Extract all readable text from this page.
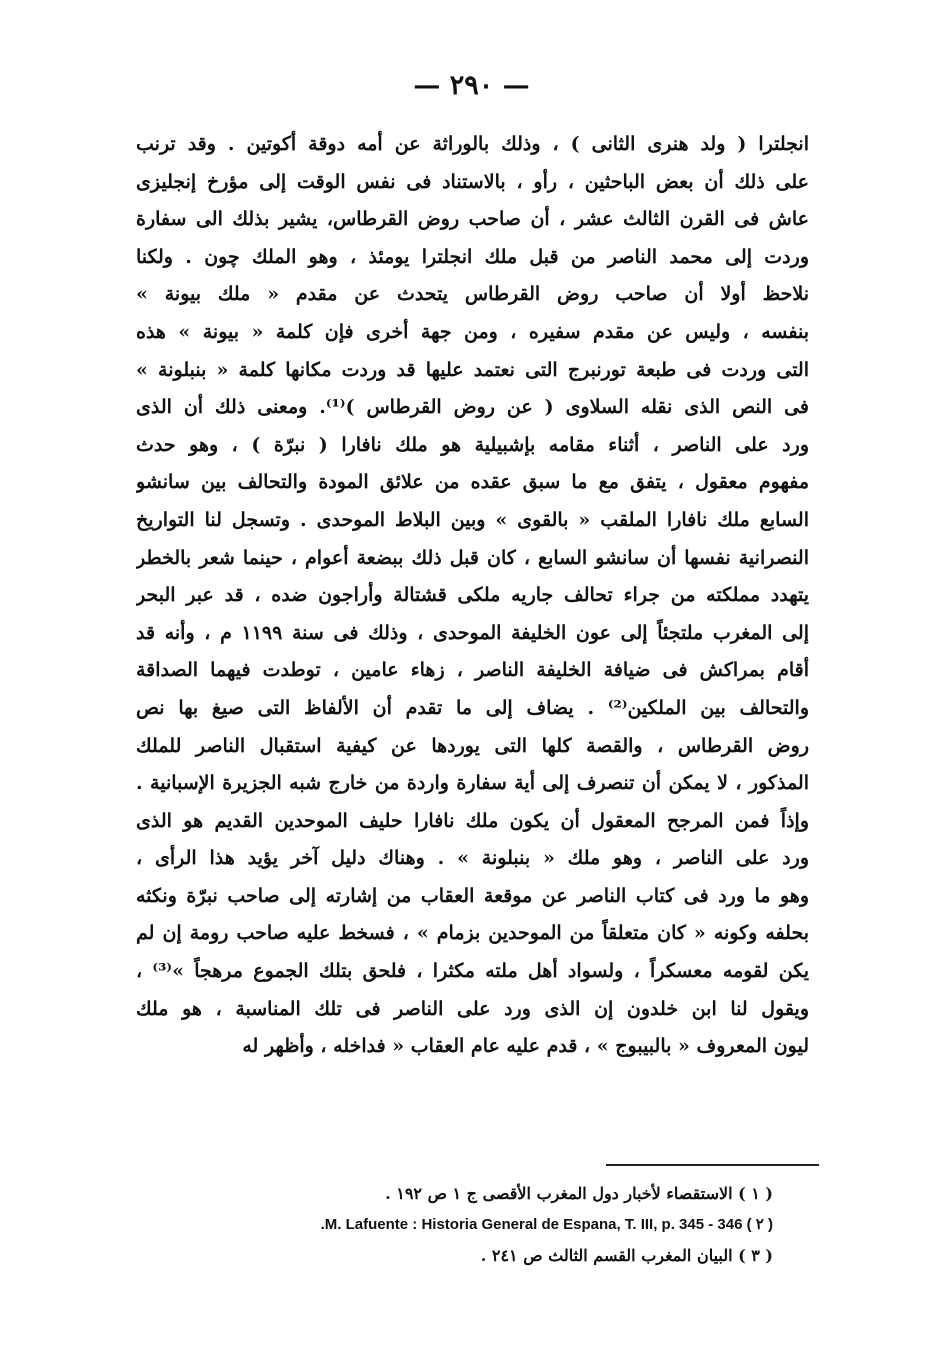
— ٢٩٠ —
انجلترا ( ولد هنرى الثانى ) ، وذلك بالوراثة عن أمه دوقة أكوتين . وقد ترنب
على ذلك أن بعض الباحثين ، رأو ، بالاستناد فى نفس الوقت إلى مؤرخ إنجليزى
عاش فى القرن الثالث عشر ، أن صاحب روض القرطاس، يشير بذلك الى سفارة
وردت إلى محمد الناصر من قبل ملك انجلترا يومئذ ، وهو الملك چون . ولكنا
نلاحظ أولا أن صاحب روض القرطاس يتحدث عن مقدم « ملك بيونة »
بنفسه ، وليس عن مقدم سفيره ، ومن جهة أخرى فإن كلمة « بيونة » هذه
التى وردت فى طبعة تورنبرج التى نعتمد عليها قد وردت مكانها كلمة « بنبلونة »
فى النص الذى نقله السلاوى ( عن روض القرطاس )⁽¹⁾. ومعنى ذلك أن الذى
ورد على الناصر ، أثناء مقامه بإشبيلية هو ملك نافارا ( نبرّة ) ، وهو حدث
مفهوم معقول ، يتفق مع ما سبق عقده من علائق المودة والتحالف بين سانشو
السابع ملك نافارا الملقب « بالقوى » وبين البلاط الموحدى . وتسجل لنا التواريخ
النصرانية نفسها أن سانشو السابع ، كان قبل ذلك ببضعة أعوام ، حينما شعر بالخطر
يتهدد مملكته من جراء تحالف جاريه ملكى قشتالة وأراجون ضده ، قد عبر البحر
إلى المغرب ملتجئاً إلى عون الخليفة الموحدى ، وذلك فى سنة ١١٩٩ م ، وأنه قد
أقام بمراكش فى ضيافة الخليفة الناصر ، زهاء عامين ، توطدت فيهما الصداقة
والتحالف بين الملكين⁽²⁾ . يضاف إلى ما تقدم أن الألفاظ التى صيغ بها نص
روض القرطاس ، والقصة كلها التى يوردها عن كيفية استقبال الناصر للملك
المذكور ، لا يمكن أن تنصرف إلى أية سفارة واردة من خارج شبه الجزيرة الإسبانية .
وإذاً فمن المرجح المعقول أن يكون ملك نافارا حليف الموحدين القديم هو الذى
ورد على الناصر ، وهو ملك « بنبلونة » . وهناك دليل آخر يؤيد هذا الرأى ،
وهو ما ورد فى كتاب الناصر عن موقعة العقاب من إشارته إلى صاحب نبرّة ونكثه
بحلفه وكونه « كان متعلقاً من الموحدين بزمام » ، فسخط عليه صاحب رومة إن لم
يكن لقومه معسكراً ، ولسواد أهل ملته مكثرا ، فلحق بتلك الجموع مرهجاً »⁽³⁾ ،
ويقول لنا ابن خلدون إن الذى ورد على الناصر فى تلك المناسبة ، هو ملك
ليون المعروف « بالبيبوج » ، قدم عليه عام العقاب « فداخله ، وأظهر له
( ١ ) الاستقصاء لأخبار دول المغرب الأقصى ج ١ ص ١٩٢ .
( ٢ ) M. Lafuente : Historia General de Espana, T. III, p. 345 - 346.
( ٣ ) البيان المغرب القسم الثالث ص ٢٤١ .
